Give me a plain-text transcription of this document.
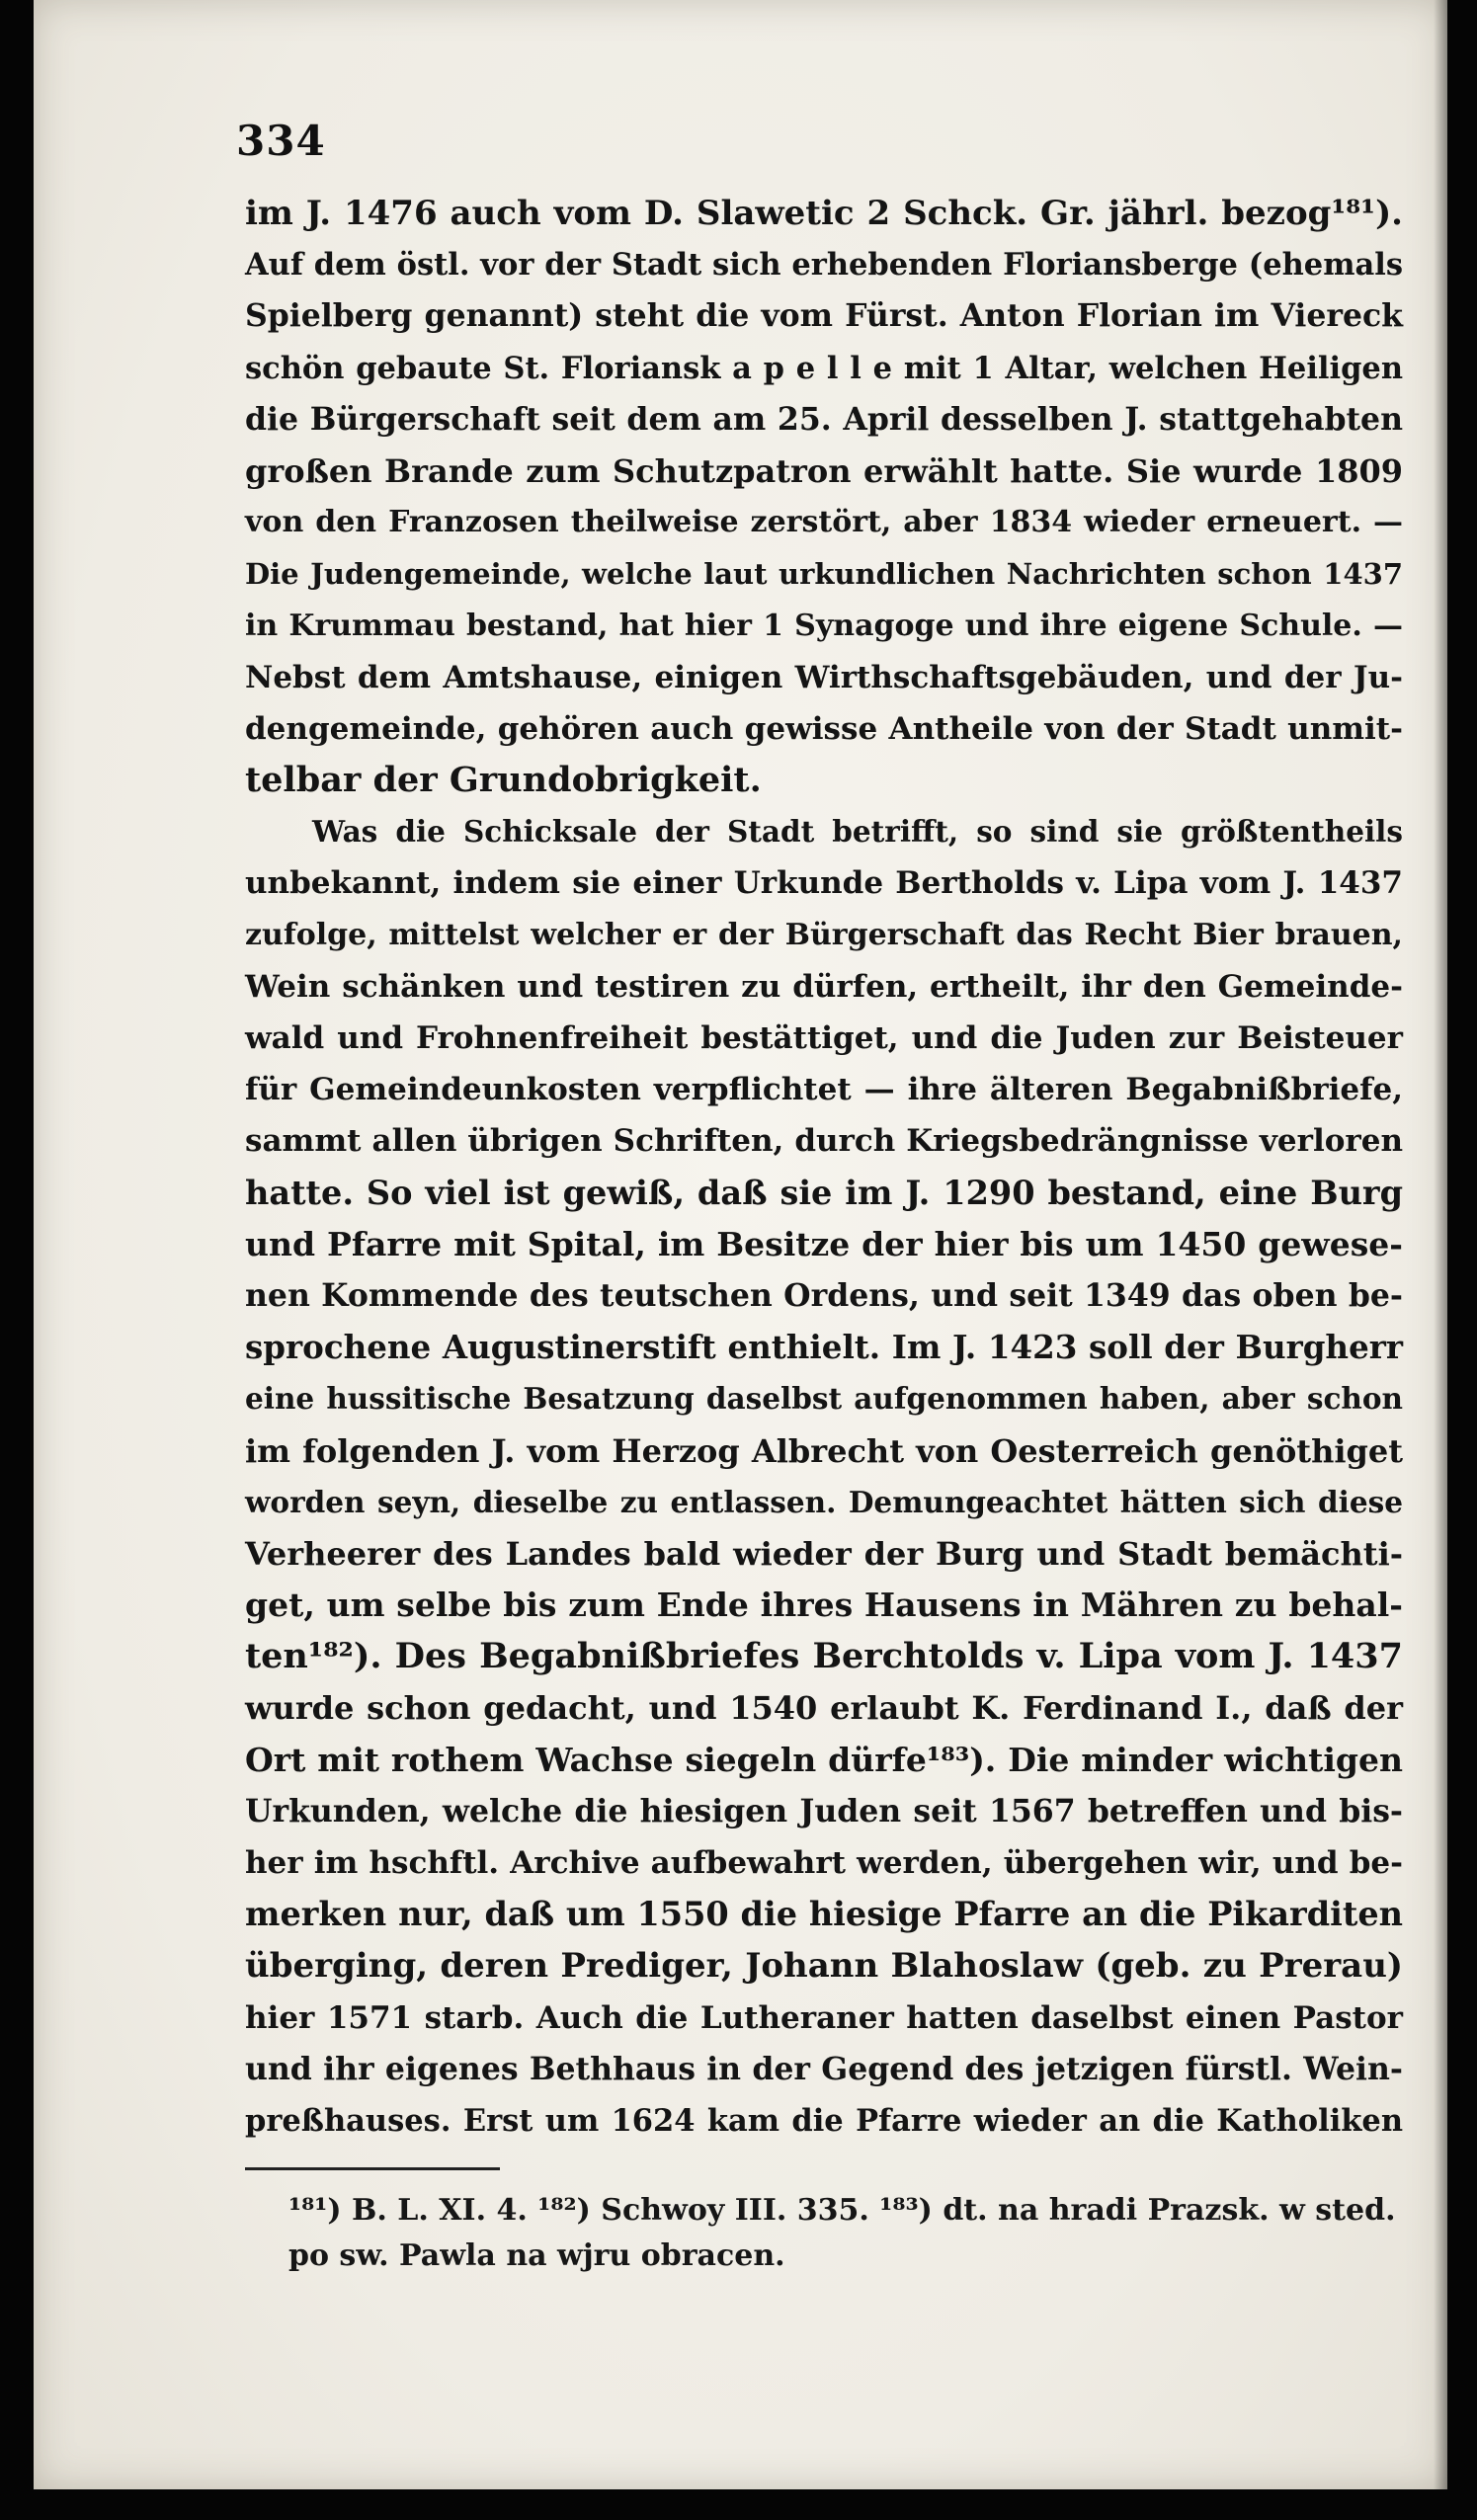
334
im J. 1476 auch vom D. Slawetic 2 Schck. Gr. jährl. bezog¹⁸¹).
Auf dem östl. vor der Stadt sich erhebenden Floriansberge (ehemals
Spielberg genannt) steht die vom Fürst. Anton Florian im Viereck
schön gebaute St. Floriansk a p e l l e mit 1 Altar, welchen Heiligen
die Bürgerschaft seit dem am 25. April desselben J. stattgehabten
großen Brande zum Schutzpatron erwählt hatte. Sie wurde 1809
von den Franzosen theilweise zerstört, aber 1834 wieder erneuert. —
Die Judengemeinde, welche laut urkundlichen Nachrichten schon 1437
in Krummau bestand, hat hier 1 Synagoge und ihre eigene Schule. —
Nebst dem Amtshause, einigen Wirthschaftsgebäuden, und der Ju-
dengemeinde, gehören auch gewisse Antheile von der Stadt unmit-
telbar der Grundobrigkeit.
Was die Schicksale der Stadt betrifft, so sind sie größtentheils
unbekannt, indem sie einer Urkunde Bertholds v. Lipa vom J. 1437
zufolge, mittelst welcher er der Bürgerschaft das Recht Bier brauen,
Wein schänken und testiren zu dürfen, ertheilt, ihr den Gemeinde-
wald und Frohnenfreiheit bestättiget, und die Juden zur Beisteuer
für Gemeindeunkosten verpflichtet — ihre älteren Begabnißbriefe,
sammt allen übrigen Schriften, durch Kriegsbedrängnisse verloren
hatte. So viel ist gewiß, daß sie im J. 1290 bestand, eine Burg
und Pfarre mit Spital, im Besitze der hier bis um 1450 gewese-
nen Kommende des teutschen Ordens, und seit 1349 das oben be-
sprochene Augustinerstift enthielt. Im J. 1423 soll der Burgherr
eine hussitische Besatzung daselbst aufgenommen haben, aber schon
im folgenden J. vom Herzog Albrecht von Oesterreich genöthiget
worden seyn, dieselbe zu entlassen. Demungeachtet hätten sich diese
Verheerer des Landes bald wieder der Burg und Stadt bemächti-
get, um selbe bis zum Ende ihres Hausens in Mähren zu behal-
ten¹⁸²). Des Begabnißbriefes Berchtolds v. Lipa vom J. 1437
wurde schon gedacht, und 1540 erlaubt K. Ferdinand I., daß der
Ort mit rothem Wachse siegeln dürfe¹⁸³). Die minder wichtigen
Urkunden, welche die hiesigen Juden seit 1567 betreffen und bis-
her im hschftl. Archive aufbewahrt werden, übergehen wir, und be-
merken nur, daß um 1550 die hiesige Pfarre an die Pikarditen
überging, deren Prediger, Johann Blahoslaw (geb. zu Prerau)
hier 1571 starb. Auch die Lutheraner hatten daselbst einen Pastor
und ihr eigenes Bethhaus in der Gegend des jetzigen fürstl. Wein-
preßhauses. Erst um 1624 kam die Pfarre wieder an die Katholiken
¹⁸¹) B. L. XI. 4. ¹⁸²) Schwoy III. 335. ¹⁸³) dt. na hradi Prazsk. w sted.
po sw. Pawla na wjru obracen.
